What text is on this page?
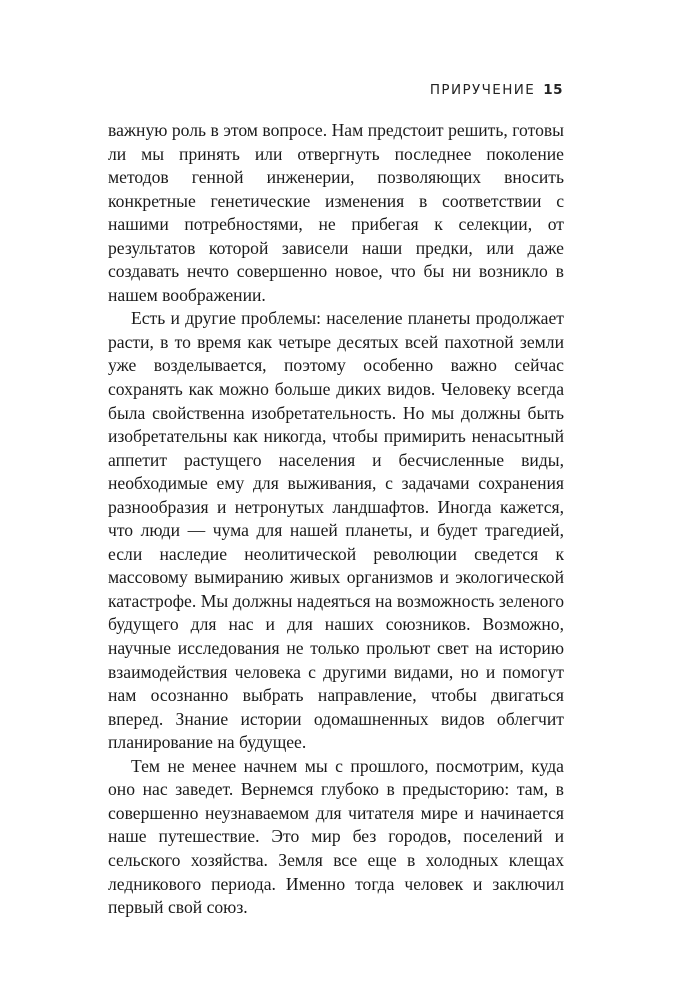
ПРИРУЧЕНИЕ 15

важную роль в этом вопросе. Нам предстоит решить, готовы ли мы принять или отвергнуть последнее поколение методов генной инженерии, позволяющих вносить конкретные генетические изменения в соответствии с нашими потребностями, не прибегая к селекции, от результатов которой зависели наши предки, или даже создавать нечто совершенно новое, что бы ни возникло в нашем воображении.

Есть и другие проблемы: население планеты продолжает расти, в то время как четыре десятых всей пахотной земли уже возделывается, поэтому особенно важно сейчас сохранять как можно больше диких видов. Человеку всегда была свойственна изобретательность. Но мы должны быть изобретательны как никогда, чтобы примирить ненасытный аппетит растущего населения и бесчисленные виды, необходимые ему для выживания, с задачами сохранения разнообразия и нетронутых ландшафтов. Иногда кажется, что люди — чума для нашей планеты, и будет трагедией, если наследие неолитической революции сведется к массовому вымиранию живых организмов и экологической катастрофе. Мы должны надеяться на возможность зеленого будущего для нас и для наших союзников. Возможно, научные исследования не только прольют свет на историю взаимодействия человека с другими видами, но и помогут нам осознанно выбрать направление, чтобы двигаться вперед. Знание истории одомашненных видов облегчит планирование на будущее.

Тем не менее начнем мы с прошлого, посмотрим, куда оно нас заведет. Вернемся глубоко в предысторию: там, в совершенно неузнаваемом для читателя мире и начинается наше путешествие. Это мир без городов, поселений и сельского хозяйства. Земля все еще в холодных клещах ледникового периода. Именно тогда человек и заключил первый свой союз.
